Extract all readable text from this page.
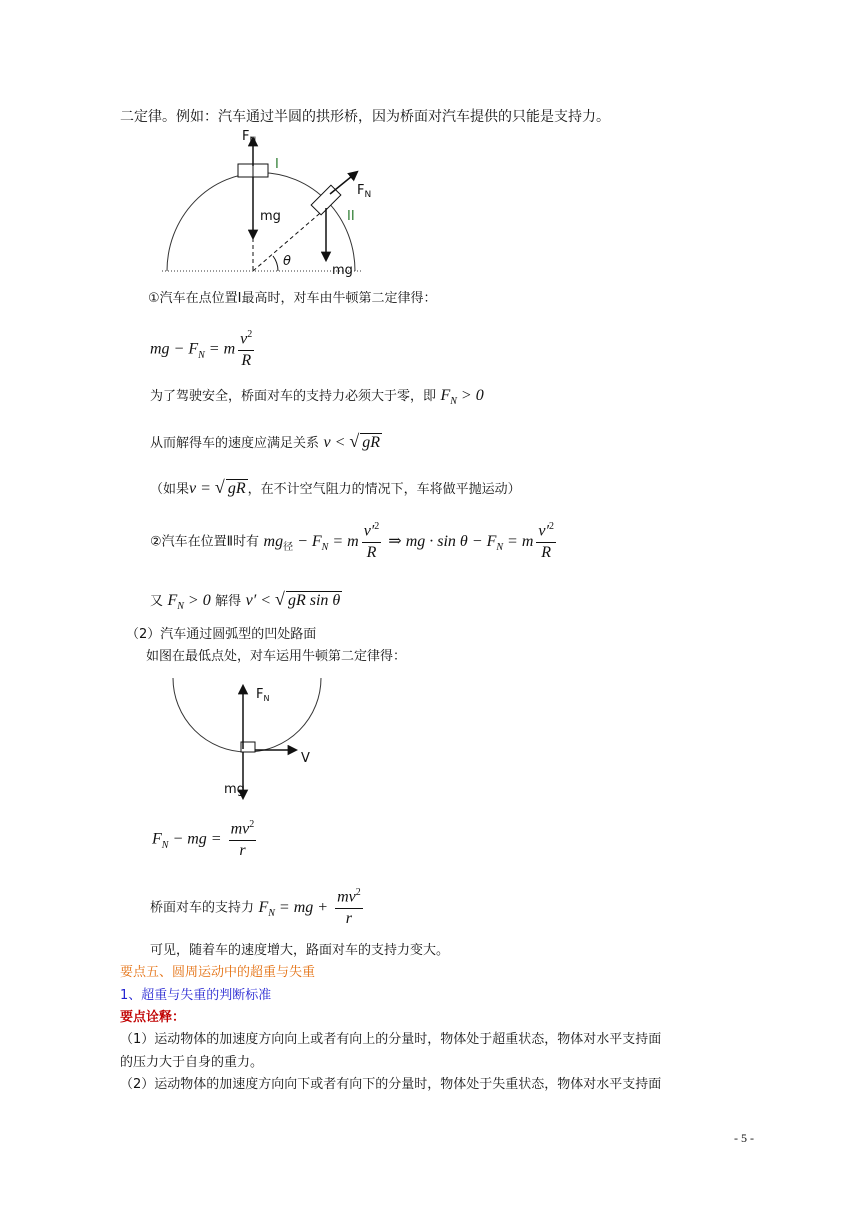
二定律。例如：汽车通过半圆的拱形桥，因为桥面对汽车提供的只能是支持力。
$F_N$
I
mg
$F_N$
II
θ
mg
①汽车在点位置Ⅰ最高时，对车由牛顿第二定律得：
mg − $F_N = m \frac{v^2}{R}$
为了驾驶安全，桥面对车的支持力必须大于零，即 $F_N > 0$
从而解得车的速度应满足关系 v < √ gR
（如果v = √ gR ，在不计空气阻力的情况下，车将做平抛运动）
②汽车在位置Ⅱ时有 $mg_径 - F_N = m \frac{v'^2}{R}$ ⇒ mg · $\sin \theta - F_N = m \frac{v'^2}{R}$
又 $F_N > 0$ 解得 v′ < √ gR sin θ
（2）汽车通过圆弧型的凹处路面
如图在最低点处，对车运用牛顿第二定律得：
$F_N$
V
mg
$F_N$ − mg = $\frac{mv^2}{r}$
桥面对车的支持力 $F_N$ = mg + $\frac{mv^2}{r}$
可见，随着车的速度增大，路面对车的支持力变大。
要点五、圆周运动中的超重与失重
1、超重与失重的判断标准
要点诠释：
（1）运动物体的加速度方向向上或者有向上的分量时，物体处于超重状态，物体对水平支持面
的压力大于自身的重力。
（2）运动物体的加速度方向向下或者有向下的分量时，物体处于失重状态，物体对水平支持面
- 5 -
